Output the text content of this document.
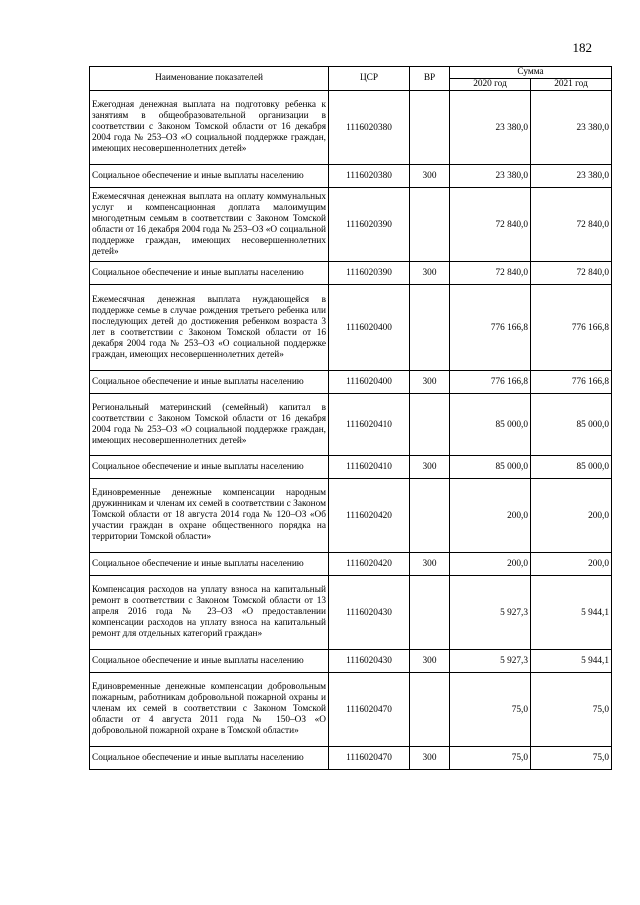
182
Наименование показателей	ЦСР	ВР	Сумма	
			2020 год	2021 год
Ежегодная денежная выплата на подготовку ребенка к занятиям в общеобразовательной организации в соответствии с Законом Томской области от 16 декабря 2004 года № 253–ОЗ «О социальной поддержке граждан, имеющих несовершеннолетних детей»	1116020380		23 380,0	23 380,0
Социальное обеспечение и иные выплаты населению	1116020380	300	23 380,0	23 380,0
Ежемесячная денежная выплата на оплату коммунальных услуг и компенсационная доплата малоимущим многодетным семьям в соответствии с Законом Томской области от 16 декабря 2004 года № 253–ОЗ «О социальной поддержке граждан, имеющих несовершеннолетних детей»	1116020390		72 840,0	72 840,0
Социальное обеспечение и иные выплаты населению	1116020390	300	72 840,0	72 840,0
Ежемесячная денежная выплата нуждающейся в поддержке семье в случае рождения третьего ребенка или последующих детей до достижения ребенком возраста 3 лет в соответствии с Законом Томской области от 16 декабря 2004 года № 253–ОЗ «О социальной поддержке граждан, имеющих несовершеннолетних детей»	1116020400		776 166,8	776 166,8
Социальное обеспечение и иные выплаты населению	1116020400	300	776 166,8	776 166,8
Региональный материнский (семейный) капитал в соответствии с Законом Томской области от 16 декабря 2004 года № 253–ОЗ «О социальной поддержке граждан, имеющих несовершеннолетних детей»	1116020410		85 000,0	85 000,0
Социальное обеспечение и иные выплаты населению	1116020410	300	85 000,0	85 000,0
Единовременные денежные компенсации народным дружинникам и членам их семей в соответствии с Законом Томской области от 18 августа 2014 года № 120–ОЗ «Об участии граждан в охране общественного порядка на территории Томской области»	1116020420		200,0	200,0
Социальное обеспечение и иные выплаты населению	1116020420	300	200,0	200,0
Компенсация расходов на уплату взноса на капитальный ремонт в соответствии с Законом Томской области от 13 апреля 2016 года № 23–ОЗ «О предоставлении компенсации расходов на уплату взноса на капитальный ремонт для отдельных категорий граждан»	1116020430		5 927,3	5 944,1
Социальное обеспечение и иные выплаты населению	1116020430	300	5 927,3	5 944,1
Единовременные денежные компенсации добровольным пожарным, работникам добровольной пожарной охраны и членам их семей в соответствии с Законом Томской области от 4 августа 2011 года № 150–ОЗ «О добровольной пожарной охране в Томской области»	1116020470		75,0	75,0
Социальное обеспечение и иные выплаты населению	1116020470	300	75,0	75,0
